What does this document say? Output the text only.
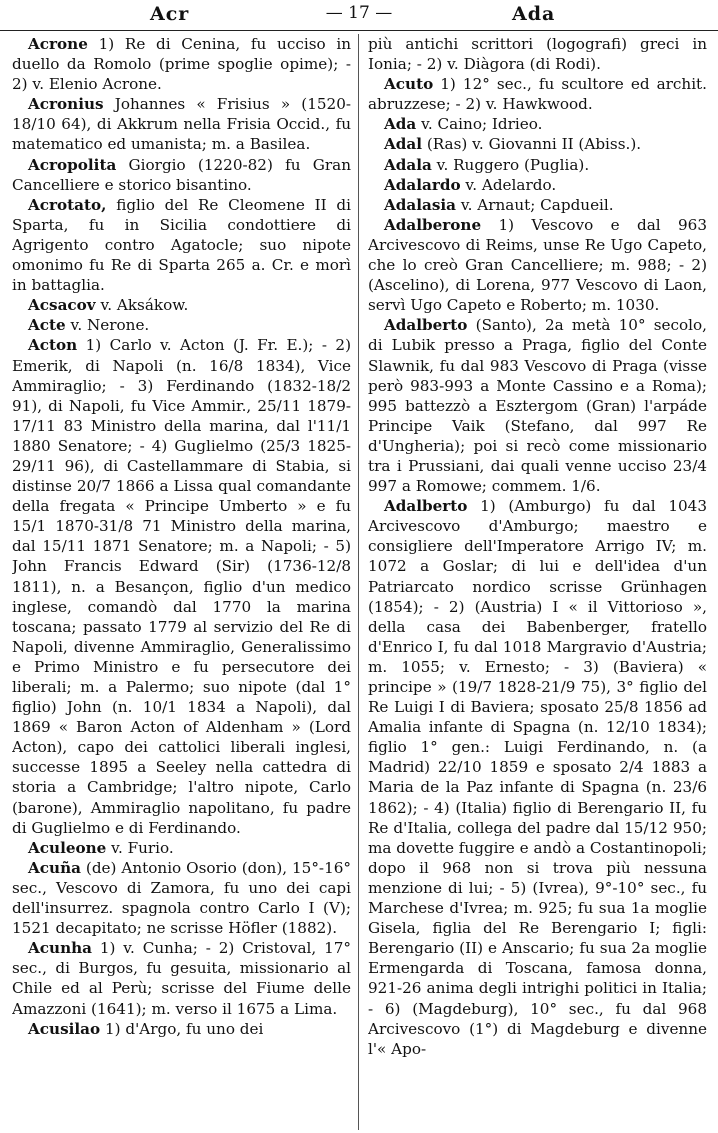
Acr	— 17 —	Ada

Acrone 1) Re di Cenina, fu ucciso in duello da Romolo (prime spoglie opime); - 2) v. Elenio Acrone.

Acronius Johannes « Frisius » (1520-18/10 64), di Akkrum nella Frisia Occid., fu matematico ed umanista; m. a Basilea.

Acropolita Giorgio (1220-82) fu Gran Cancelliere e storico bisantino.

Acrotato, figlio del Re Cleomene II di Sparta, fu in Sicilia condottiere di Agrigento contro Agatocle; suo nipote omonimo fu Re di Sparta 265 a. Cr. e morì in battaglia.

Acsacov v. Aksákow.

Acte v. Nerone.

Acton 1) Carlo v. Acton (J. Fr. E.); - 2) Emerik, di Napoli (n. 16/8 1834), Vice Ammiraglio; - 3) Ferdinando (1832-18/2 91), di Napoli, fu Vice Ammir., 25/11 1879-17/11 83 Ministro della marina, dal l'11/1 1880 Senatore; - 4) Guglielmo (25/3 1825-29/11 96), di Castellammare di Stabia, si distinse 20/7 1866 a Lissa qual comandante della fregata « Principe Umberto » e fu 15/1 1870-31/8 71 Ministro della marina, dal 15/11 1871 Senatore; m. a Napoli; - 5) John Francis Edward (Sir) (1736-12/8 1811), n. a Besançon, figlio d'un medico inglese, comandò dal 1770 la marina toscana; passato 1779 al servizio del Re di Napoli, divenne Ammiraglio, Generalissimo e Primo Ministro e fu persecutore dei liberali; m. a Palermo; suo nipote (dal 1° figlio) John (n. 10/1 1834 a Napoli), dal 1869 « Baron Acton of Aldenham » (Lord Acton), capo dei cattolici liberali inglesi, successe 1895 a Seeley nella cattedra di storia a Cambridge; l'altro nipote, Carlo (barone), Ammiraglio napolitano, fu padre di Guglielmo e di Ferdinando.

Aculeone v. Furio.

Acuña (de) Antonio Osorio (don), 15°-16° sec., Vescovo di Zamora, fu uno dei capi dell'insurrez. spagnola contro Carlo I (V); 1521 decapitato; ne scrisse Höfler (1882).

Acunha 1) v. Cunha; - 2) Cristoval, 17° sec., di Burgos, fu gesuita, missionario al Chile ed al Perù; scrisse del Fiume delle Amazzoni (1641); m. verso il 1675 a Lima.

Acusilao 1) d'Argo, fu uno dei

più antichi scrittori (logografi) greci in Ionia; - 2) v. Diàgora (di Rodi).

Acuto 1) 12° sec., fu scultore ed archit. abruzzese; - 2) v. Hawkwood.

Ada v. Caino; Idrieo.

Adal (Ras) v. Giovanni II (Abiss.).

Adala v. Ruggero (Puglia).

Adalardo v. Adelardo.

Adalasia v. Arnaut; Capdueil.

Adalberone 1) Vescovo e dal 963 Arcivescovo di Reims, unse Re Ugo Capeto, che lo creò Gran Cancelliere; m. 988; - 2) (Ascelino), di Lorena, 977 Vescovo di Laon, servì Ugo Capeto e Roberto; m. 1030.

Adalberto (Santo), 2a metà 10° secolo, di Lubik presso a Praga, figlio del Conte Slawnik, fu dal 983 Vescovo di Praga (visse però 983-993 a Monte Cassino e a Roma); 995 battezzò a Esztergom (Gran) l'arpáde Principe Vaik (Stefano, dal 997 Re d'Ungheria); poi si recò come missionario tra i Prussiani, dai quali venne ucciso 23/4 997 a Romowe; commem. 1/6.

Adalberto 1) (Amburgo) fu dal 1043 Arcivescovo d'Amburgo; maestro e consigliere dell'Imperatore Arrigo IV; m. 1072 a Goslar; di lui e dell'idea d'un Patriarcato nordico scrisse Grünhagen (1854); - 2) (Austria) I « il Vittorioso », della casa dei Babenberger, fratello d'Enrico I, fu dal 1018 Margravio d'Austria; m. 1055; v. Ernesto; - 3) (Baviera) « principe » (19/7 1828-21/9 75), 3° figlio del Re Luigi I di Baviera; sposato 25/8 1856 ad Amalia infante di Spagna (n. 12/10 1834); figlio 1° gen.: Luigi Ferdinando, n. (a Madrid) 22/10 1859 e sposato 2/4 1883 a Maria de la Paz infante di Spagna (n. 23/6 1862); - 4) (Italia) figlio di Berengario II, fu Re d'Italia, collega del padre dal 15/12 950; ma dovette fuggire e andò a Costantinopoli; dopo il 968 non si trova più nessuna menzione di lui; - 5) (Ivrea), 9°-10° sec., fu Marchese d'Ivrea; m. 925; fu sua 1a moglie Gisela, figlia del Re Berengario I; figli: Berengario (II) e Anscario; fu sua 2a moglie Ermengarda di Toscana, famosa donna, 921-26 anima degli intrighi politici in Italia; - 6) (Magdeburg), 10° sec., fu dal 968 Arcivescovo (1°) di Magdeburg e divenne l'« Apo-
